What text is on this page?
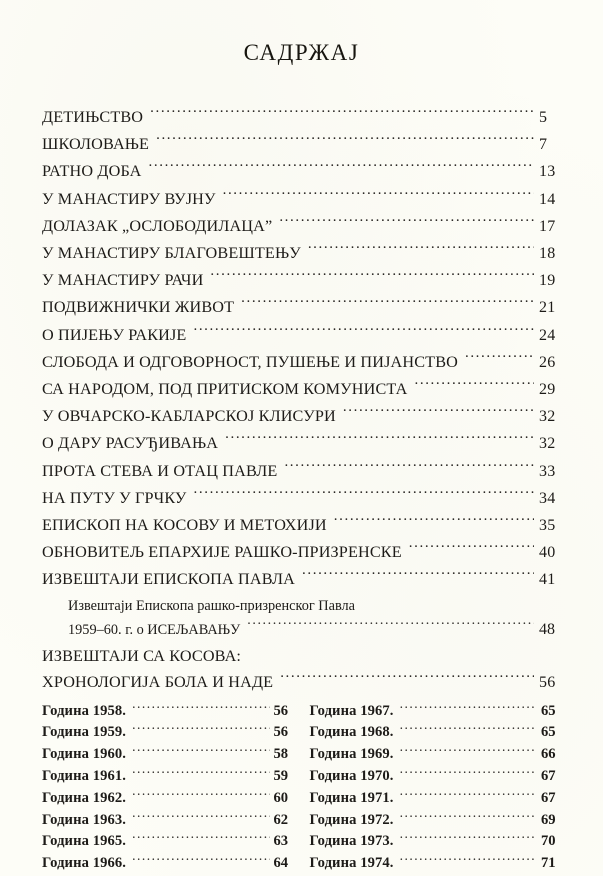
САДРЖАЈ
ДЕТИЊСТВО .....	5
ШКОЛОВАЊЕ .....	7
РАТНО ДОБА .....	13
У МАНАСТИРУ ВУЈНУ .....	14
ДОЛАЗАК „ОСЛОБОДИЛАЦА” .....	17
У МАНАСТИРУ БЛАГОВЕШТЕЊУ .....	18
У МАНАСТИРУ РАЧИ .....	19
ПОДВИЖНИЧКИ ЖИВОТ .....	21
О ПИЈЕЊУ РАКИЈЕ .....	24
СЛОБОДА И ОДГОВОРНОСТ, ПУШЕЊЕ И ПИЈАНСТВО .....	26
СА НАРОДОМ, ПОД ПРИТИСКОМ КОМУНИСТА .....	29
У ОВЧАРСКО-КАБЛАРСКОЈ КЛИСУРИ .....	32
О ДАРУ РАСУЂИВАЊА .....	32
ПРОТА СТЕВА И ОТАЦ ПАВЛЕ .....	33
НА ПУТУ У ГРЧКУ .....	34
ЕПИСКОП НА КОСОВУ И МЕТОХИЈИ .....	35
ОБНОВИТЕЉ ЕПАРХИЈЕ РАШКО-ПРИЗРЕНСКЕ .....	40
ИЗВЕШТАЈИ ЕПИСКОПА ПАВЛА .....	41
Извештаји Епископа рашко-призренског Павла
1959–60. г. о ИСЕЉАВАЊУ .....	48
ИЗВЕШТАЈИ СА КОСОВА:
ХРОНОЛОГИЈА БОЛА И НАДЕ .....	56
Година 1958. .....	56
Година 1959. .....	56
Година 1960. .....	58
Година 1961. .....	59
Година 1962. .....	60
Година 1963. .....	62
Година 1965. .....	63
Година 1966. .....	64
Година 1967. .....	65
Година 1968. .....	65
Година 1969. .....	66
Година 1970. .....	67
Година 1971. .....	67
Година 1972. .....	69
Година 1973. .....	70
Година 1974. .....	71
